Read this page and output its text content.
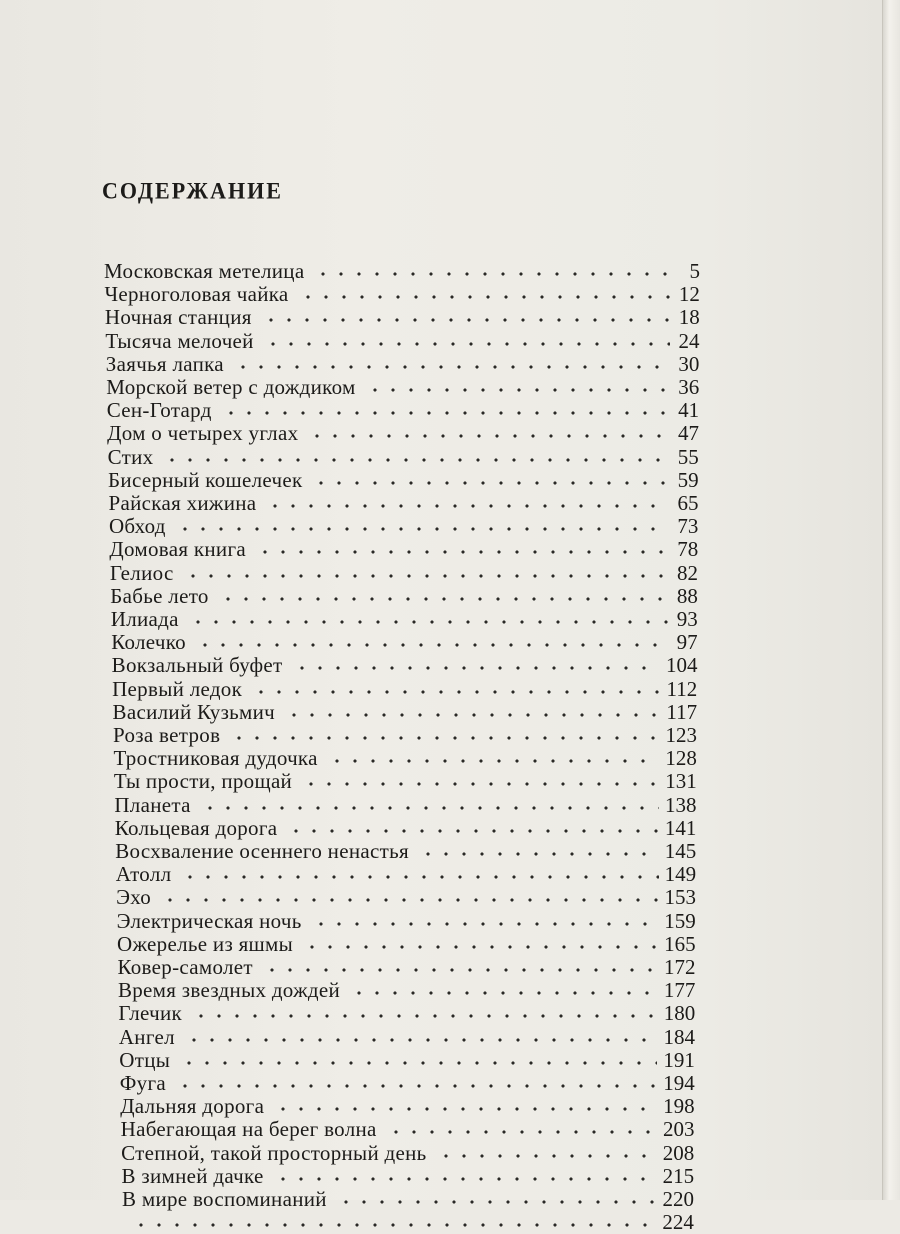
СОДЕРЖАНИЕ
Московская метелица	5
Черноголовая чайка	12
Ночная станция	18
Тысяча мелочей	24
Заячья лапка	30
Морской ветер с дождиком	36
Сен-Готард	41
Дом о четырех углах	47
Стих	55
Бисерный кошелечек	59
Райская хижина	65
Обход	73
Домовая книга	78
Гелиос	82
Бабье лето	88
Илиада	93
Колечко	97
Вокзальный буфет	104
Первый ледок	112
Василий Кузьмич	117
Роза ветров	123
Тростниковая дудочка	128
Ты прости, прощай	131
Планета	138
Кольцевая дорога	141
Восхваление осеннего ненастья	145
Атолл	149
Эхо	153
Электрическая ночь	159
Ожерелье из яшмы	165
Ковер-самолет	172
Время звездных дождей	177
Глечик	180
Ангел	184
Отцы	191
Фуга	194
Дальняя дорога	198
Набегающая на берег волна	203
Степной, такой просторный день	208
В зимней дачке	215
В мире воспоминаний	220
224
